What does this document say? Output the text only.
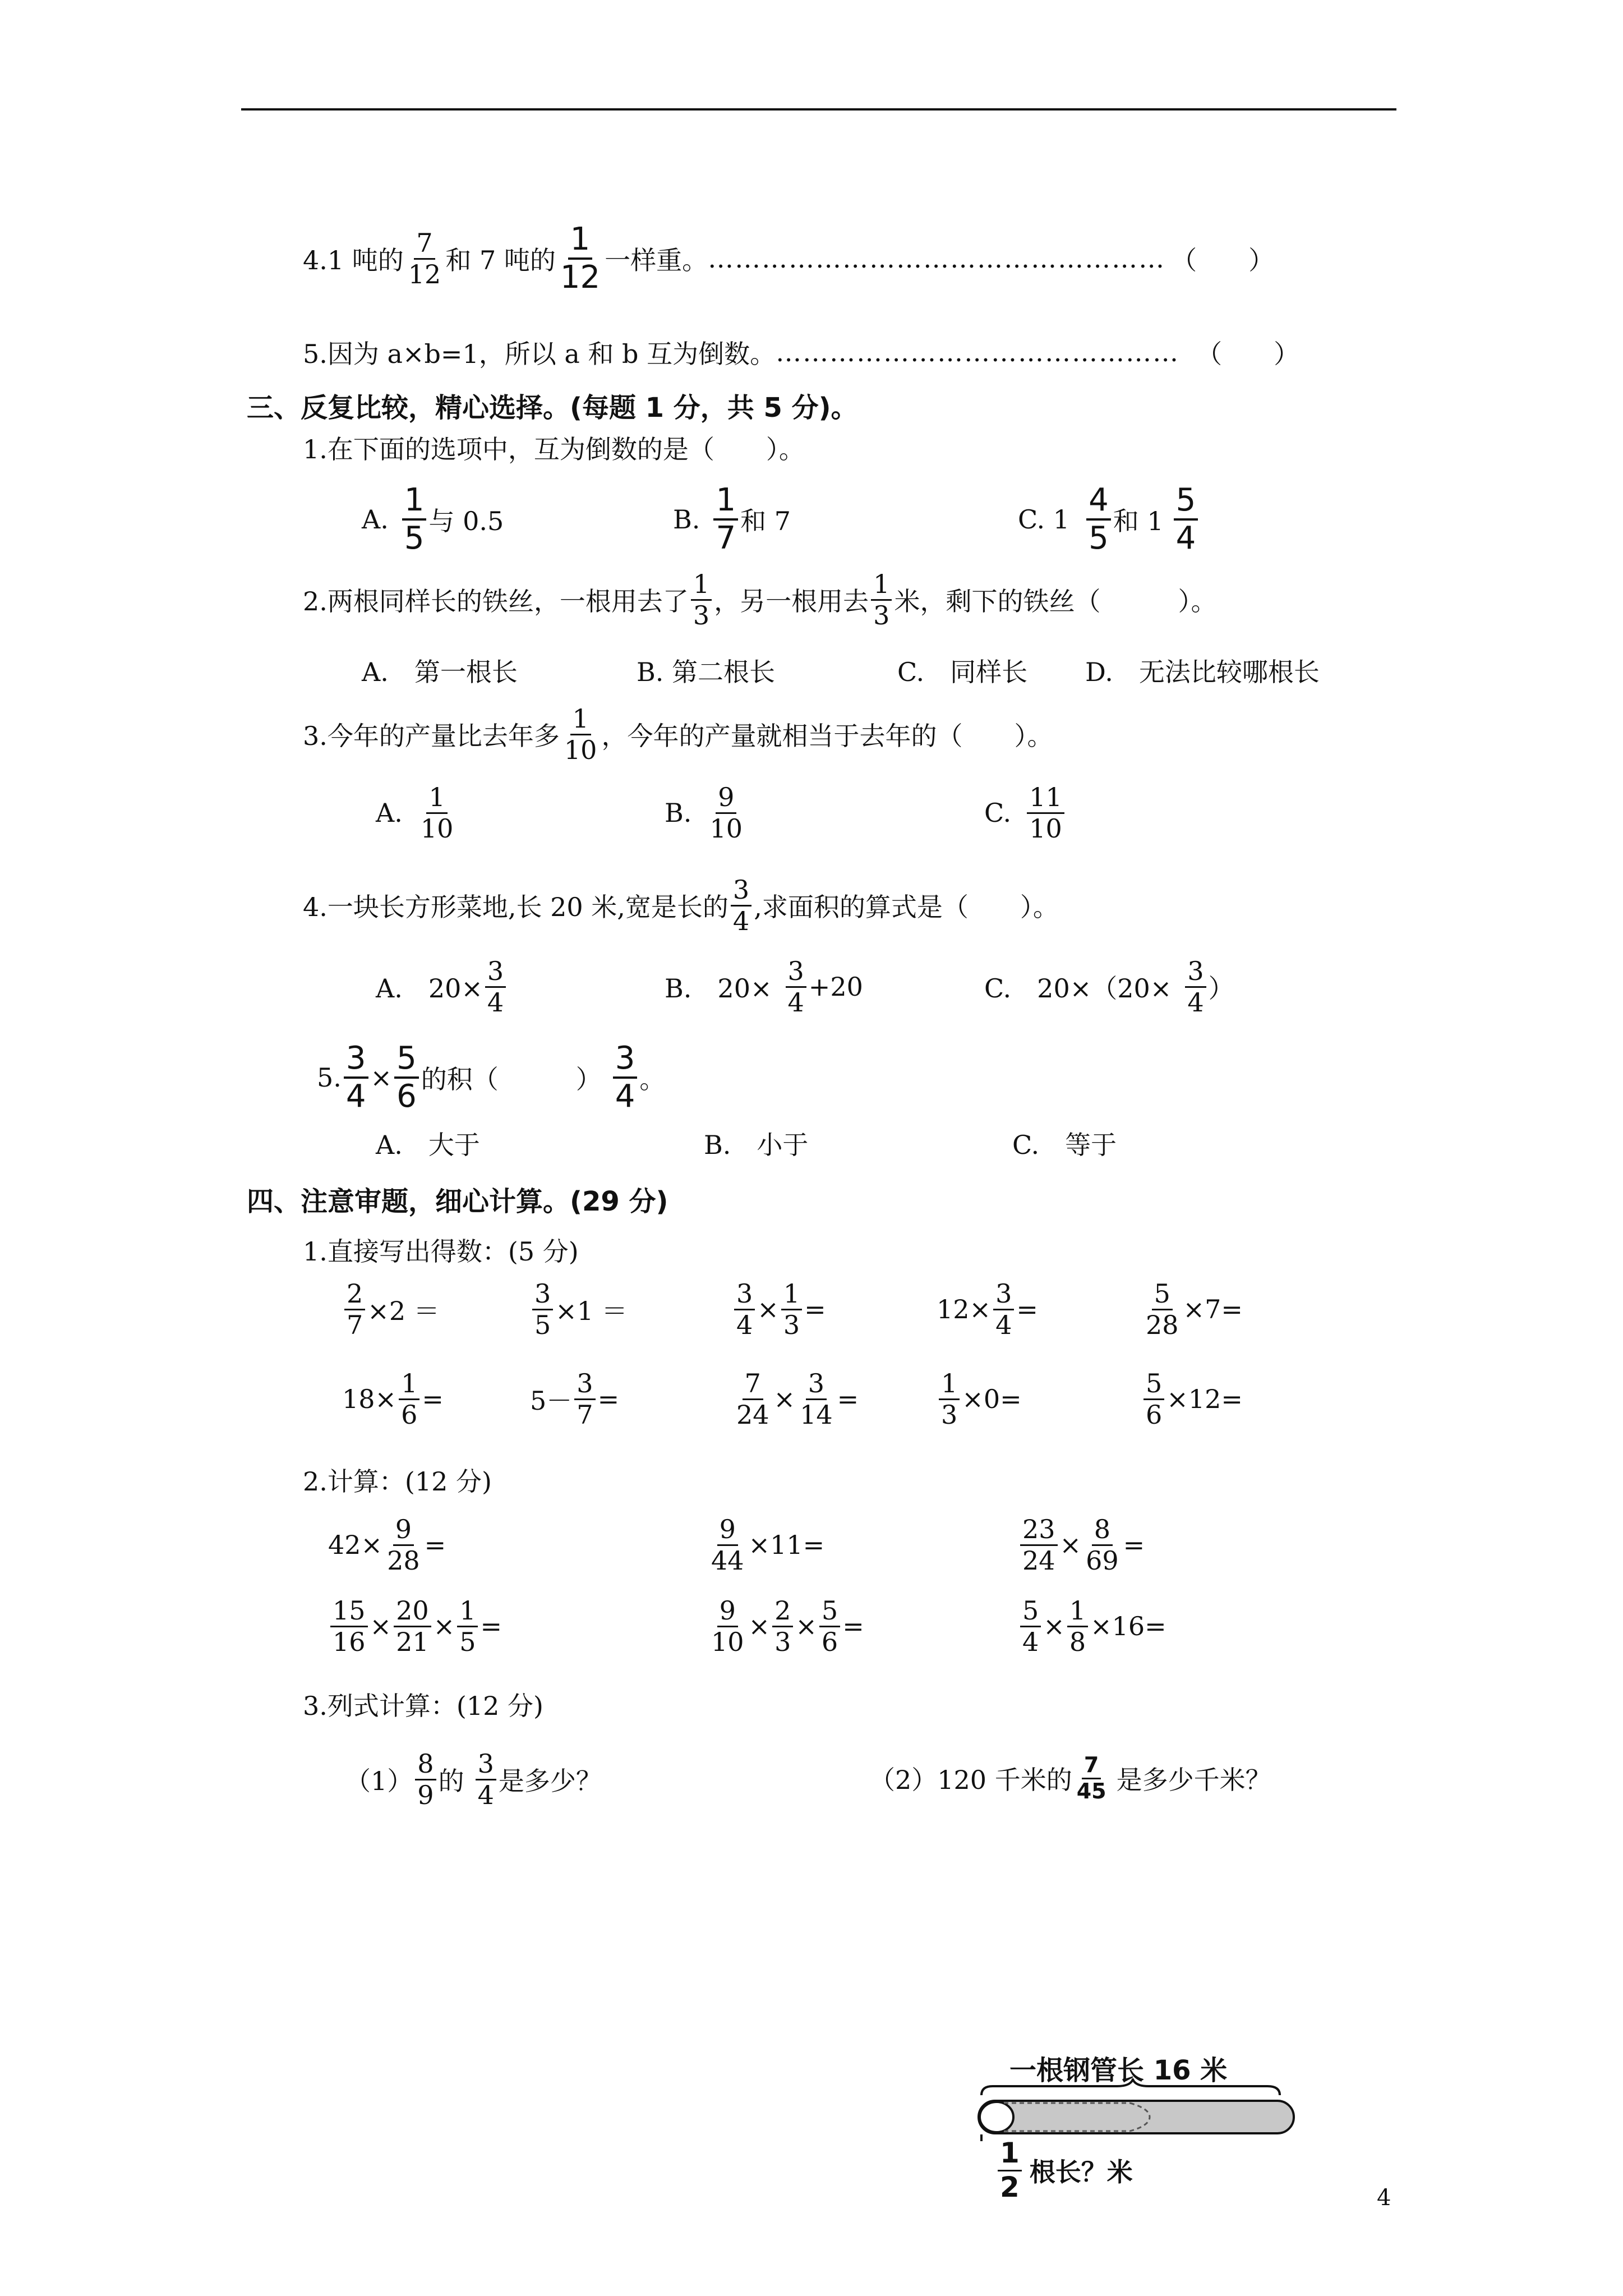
4.1 吨的 $\frac{7}{12}$ 和 7 吨的 $\frac{1}{12}$ 一样重。 …………………………………………… （　　）
5.因为 a×b=1，所以 a 和 b 互为倒数。 ……………………………………… （　　）
三、反复比较，精心选择。(每题 1 分，共 5 分)。
1.在下面的选项中，互为倒数的是（　　）。
A. $\frac{1}{5}$ 与 0.5	B. $\frac{1}{7}$ 和 7	C. $1 \frac{4}{5}$ 和 $1 \frac{5}{4}$
2.两根同样长的铁丝，一根用去了 $\frac{1}{3}$ ，另一根用去 $\frac{1}{3}$ 米，剩下的铁丝（　　　）。
A.　第一根长	B. 第二根长	C.　同样长 D.　无法比较哪根长
3.今年的产量比去年多 $\frac{1}{10}$ ，今年的产量就相当于去年的（　　）。
A. $\frac{1}{10}$	B. $\frac{9}{10}$	C. $\frac{11}{10}$
4.一块长方形菜地,长 20 米,宽是长的 $\frac{3}{4}$ ,求面积的算式是（　　）。
A.　$20\times \frac{3}{4}$	B.　$20\times \frac{3}{4} +20$	C.　$20\times(20\times \frac{3}{4}$ ）
5. $\frac{3}{4} \times \frac{5}{6}$ 的积（　　　） $\frac{3}{4}$ 。
A.　大于	B.　小于	C.　等于
四、注意审题，细心计算。(29 分)
1.直接写出得数：(5 分)
$\frac{2}{7} \times 2$ ＝	$\frac{3}{5} \times 1$ ＝	$\frac{3}{4} \times \frac{1}{3}$ =	$12\times \frac{3}{4}$ =	$\frac{5}{28} \times 7=$
$18\times \frac{1}{6}$ =	$5- \frac{3}{7}$ =	$\frac{7}{24} \times \frac{3}{14}$ =	$\frac{1}{3} \times 0=$	$\frac{5}{6} \times 12=$
2.计算：(12 分)
$42\times \frac{9}{28}$ =	$\frac{9}{44} \times 11=$	$\frac{23}{24} \times \frac{8}{69}$ =
$\frac{15}{16} \times \frac{20}{21} \times \frac{1}{5}$ =	$\frac{9}{10} \times \frac{2}{3} \times \frac{5}{6}$ =	$\frac{5}{4} \times \frac{1}{8} \times 16=$
3.列式计算：(12 分)
$(1) \frac{8}{9}$ 的 $\frac{3}{4}$ 是多少？	（2）120 千米的 $\frac{7}{45}$ 是多少千米？
一根钢管长 16 米
$\frac{1}{2}$ 根长？米
4
